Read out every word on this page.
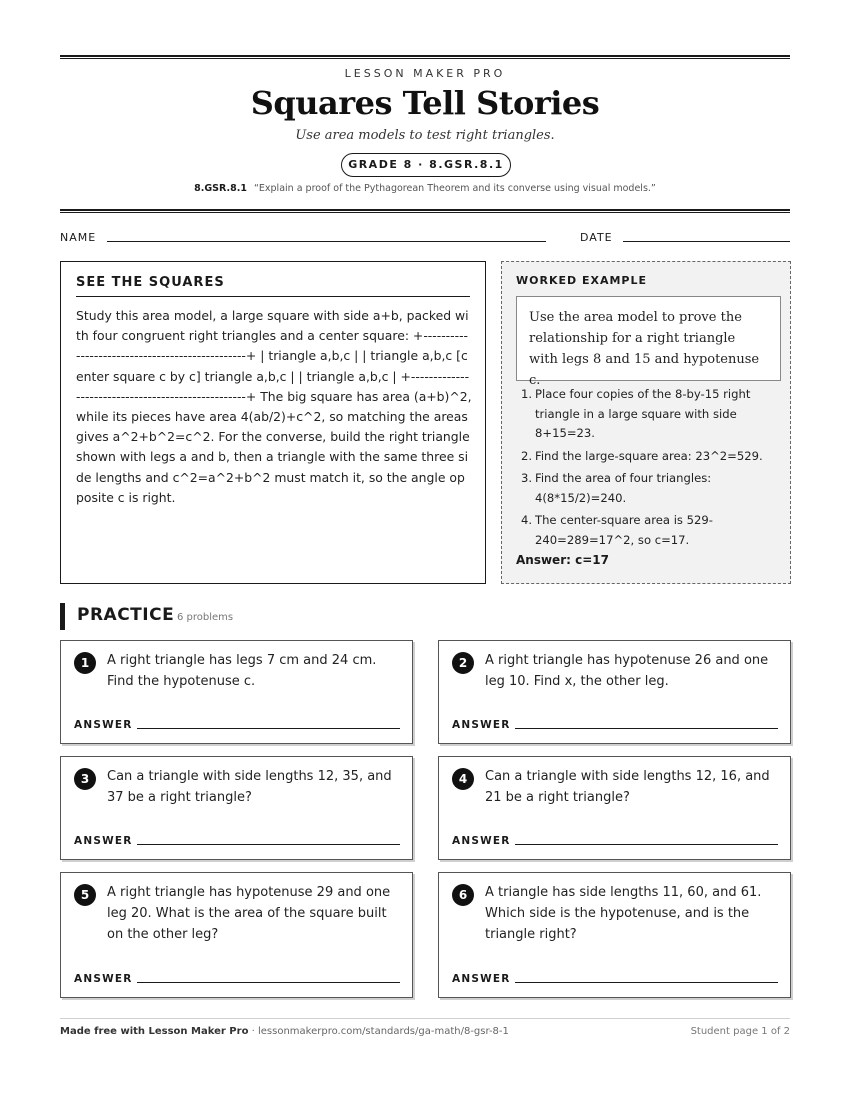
LESSON MAKER PRO
Squares Tell Stories
Use area models to test right triangles.
GRADE 8 · 8.GSR.8.1
8.GSR.8.1 “Explain a proof of the Pythagorean Theorem and its converse using visual models.”
NAME	DATE
SEE THE SQUARES
Study this area model, a large square with side a+b, packed with four congruent right triangles and a center square: +------------------------------------------------+ | triangle a,b,c | | triangle a,b,c [center square c by c] triangle a,b,c | | triangle a,b,c | +---------------------------------------------------+ The big square has area (a+b)^2, while its pieces have area 4(ab/2)+c^2, so matching the areas gives a^2+b^2=c^2. For the converse, build the right triangle shown with legs a and b, then a triangle with the same three side lengths and c^2=a^2+b^2 must match it, so the angle opposite c is right.
WORKED EXAMPLE
Use the area model to prove the relationship for a right triangle with legs 8 and 15 and hypotenuse c.
1. Place four copies of the 8-by-15 right triangle in a large square with side 8+15=23.
2. Find the large-square area: 23^2=529.
3. Find the area of four triangles: 4(8*15/2)=240.
4. The center-square area is 529-240=289=17^2, so c=17.
Answer: c=17
PRACTICE 6 problems
1	A right triangle has legs 7 cm and 24 cm. Find the hypotenuse c.
ANSWER
2	A right triangle has hypotenuse 26 and one leg 10. Find x, the other leg.
ANSWER
3	Can a triangle with side lengths 12, 35, and 37 be a right triangle?
ANSWER
4	Can a triangle with side lengths 12, 16, and 21 be a right triangle?
ANSWER
5	A right triangle has hypotenuse 29 and one leg 20. What is the area of the square built on the other leg?
ANSWER
6	A triangle has side lengths 11, 60, and 61. Which side is the hypotenuse, and is the triangle right?
ANSWER
Made free with Lesson Maker Pro · lessonmakerpro.com/standards/ga-math/8-gsr-8-1	Student page 1 of 2
